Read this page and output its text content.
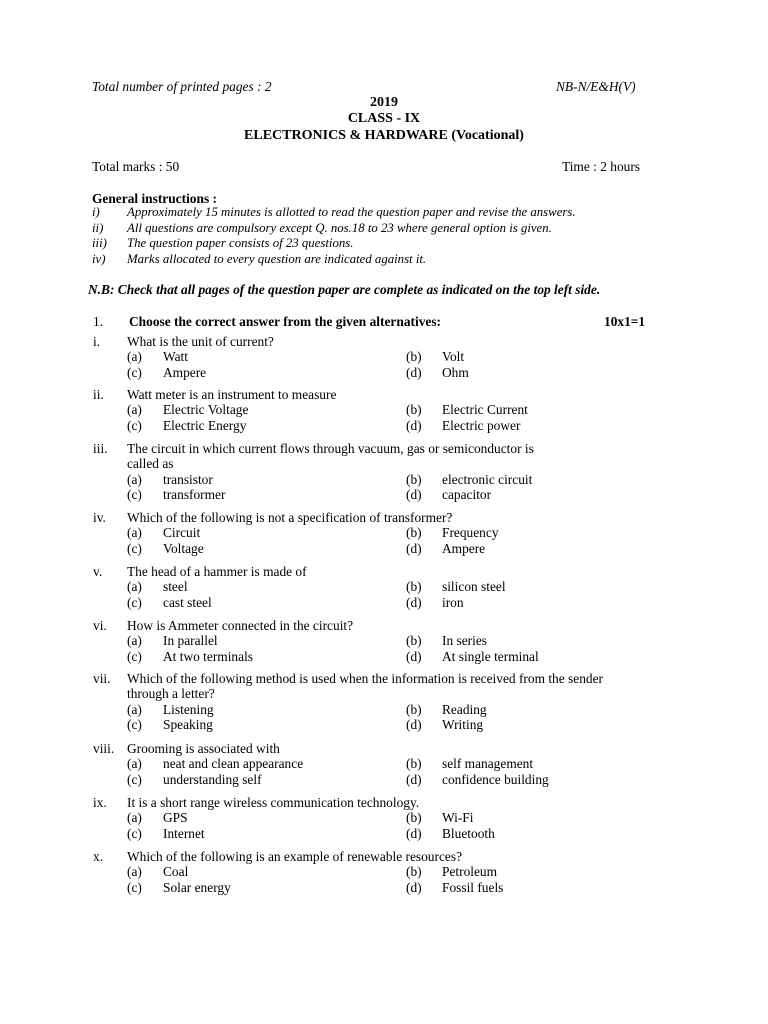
Total number of printed pages : 2	NB-N/E&H(V)
2019
CLASS - IX
ELECTRONICS & HARDWARE (Vocational)
Total marks : 50	Time : 2 hours
General instructions :
i) Approximately 15 minutes is allotted to read the question paper and revise the answers.
ii) All questions are compulsory except Q. nos.18 to 23 where general option is given.
iii) The question paper consists of 23 questions.
iv) Marks allocated to every question are indicated against it.
N.B: Check that all pages of the question paper are complete as indicated on the top left side.
1. Choose the correct answer from the given alternatives:	10x1=1
i. What is the unit of current?
(a) Watt	(b) Volt
(c) Ampere	(d) Ohm
ii. Watt meter is an instrument to measure
(a) Electric Voltage	(b) Electric Current
(c) Electric Energy	(d) Electric power
iii. The circuit in which current flows through vacuum, gas or semiconductor is
called as
(a) transistor	(b) electronic circuit
(c) transformer	(d) capacitor
iv. Which of the following is not a specification of transformer?
(a) Circuit	(b) Frequency
(c) Voltage	(d) Ampere
v. The head of a hammer is made of
(a) steel	(b) silicon steel
(c) cast steel	(d) iron
vi. How is Ammeter connected in the circuit?
(a) In parallel	(b) In series
(c) At two terminals	(d) At single terminal
vii. Which of the following method is used when the information is received from the sender
through a letter?
(a) Listening	(b) Reading
(c) Speaking	(d) Writing
viii. Grooming is associated with
(a) neat and clean appearance	(b) self management
(c) understanding self	(d) confidence building
ix. It is a short range wireless communication technology.
(a) GPS	(b) Wi-Fi
(c) Internet	(d) Bluetooth
x. Which of the following is an example of renewable resources?
(a) Coal	(b) Petroleum
(c) Solar energy	(d) Fossil fuels
